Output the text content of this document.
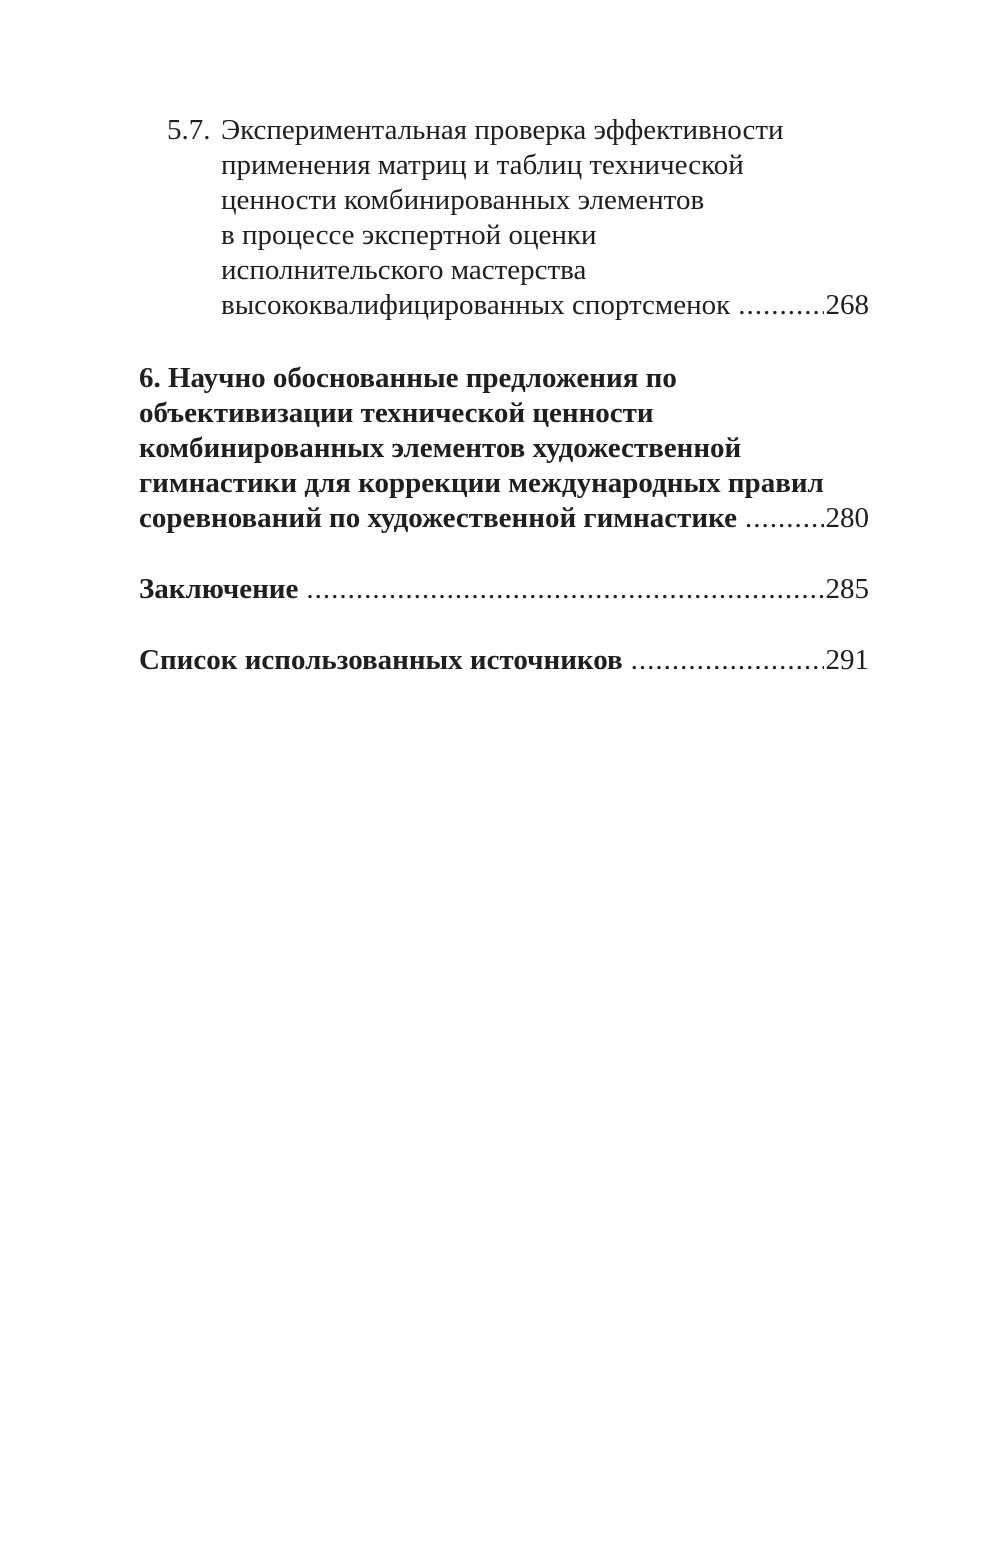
5.7. Экспериментальная проверка эффективности
применения матриц и таблиц технической
ценности комбинированных элементов
в процессе экспертной оценки
исполнительского мастерства
высококвалифицированных спортсменок .....	268
6. Научно обоснованные предложения по
объективизации технической ценности
комбинированных элементов художественной
гимнастики для коррекции международных правил
соревнований по художественной гимнастике .....	280
Заключение .....	285
Список использованных источников .....	291
